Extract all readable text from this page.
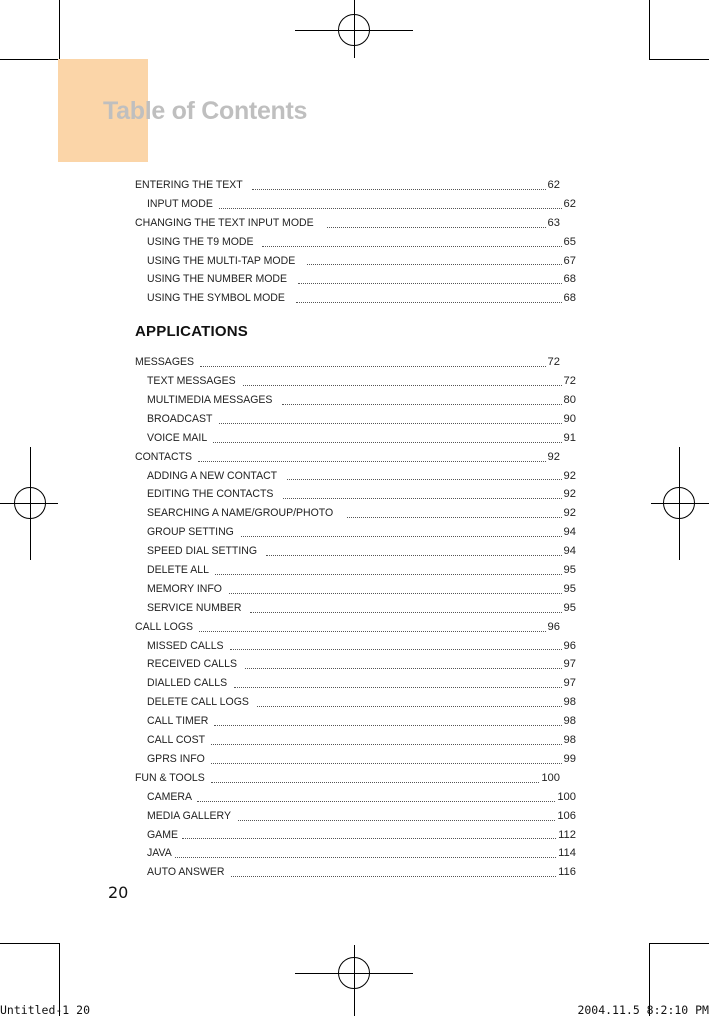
Table of Contents
ENTERING THE TEXT	62
INPUT MODE	62
CHANGING THE TEXT INPUT MODE	63
USING THE T9 MODE	65
USING THE MULTI-TAP MODE	67
USING THE NUMBER MODE	68
USING THE SYMBOL MODE	68
APPLICATIONS
MESSAGES	72
TEXT MESSAGES	72
MULTIMEDIA MESSAGES	80
BROADCAST	90
VOICE MAIL	91
CONTACTS	92
ADDING A NEW CONTACT	92
EDITING THE CONTACTS	92
SEARCHING A NAME/GROUP/PHOTO	92
GROUP SETTING	94
SPEED DIAL SETTING	94
DELETE ALL	95
MEMORY INFO	95
SERVICE NUMBER	95
CALL LOGS	96
MISSED CALLS	96
RECEIVED CALLS	97
DIALLED CALLS	97
DELETE CALL LOGS	98
CALL TIMER	98
CALL COST	98
GPRS INFO	99
FUN & TOOLS	100
CAMERA	100
MEDIA GALLERY	106
GAME	112
JAVA	114
AUTO ANSWER	116
20
Untitled-1 20	2004.11.5 8:2:10 PM
